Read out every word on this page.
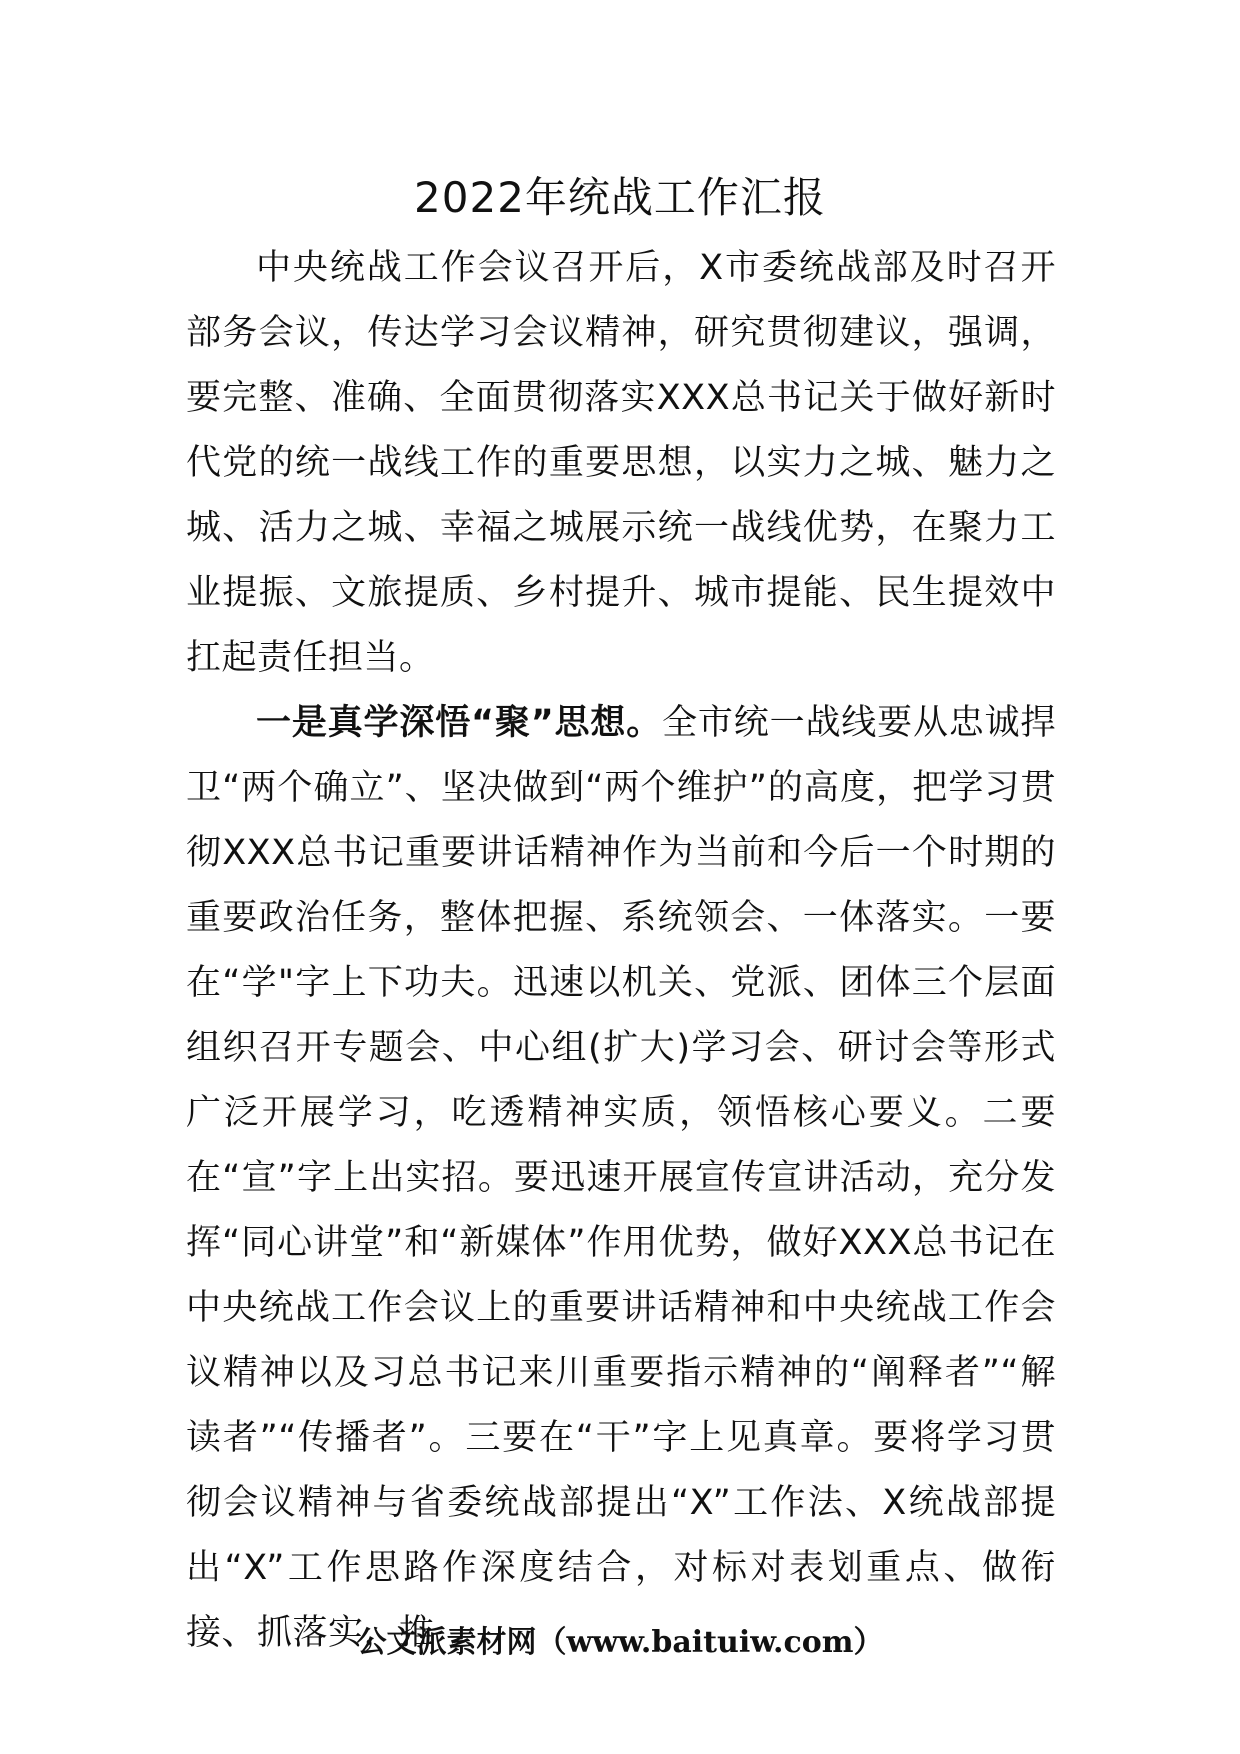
2022年统战工作汇报

中央统战工作会议召开后，X市委统战部及时召开部务会议，传达学习会议精神，研究贯彻建议，强调，要完整、准确、全面贯彻落实XXX总书记关于做好新时代党的统一战线工作的重要思想，以实力之城、魅力之城、活力之城、幸福之城展示统一战线优势，在聚力工业提振、文旅提质、乡村提升、城市提能、民生提效中扛起责任担当。

一是真学深悟“聚”思想。全市统一战线要从忠诚捍卫“两个确立”、坚决做到“两个维护”的高度，把学习贯彻XXX总书记重要讲话精神作为当前和今后一个时期的重要政治任务，整体把握、系统领会、一体落实。一要在“学"字上下功夫。迅速以机关、党派、团体三个层面组织召开专题会、中心组(扩大)学习会、研讨会等形式广泛开展学习，吃透精神实质，领悟核心要义。二要在“宣”字上出实招。要迅速开展宣传宣讲活动，充分发挥“同心讲堂”和“新媒体”作用优势，做好XXX总书记在中央统战工作会议上的重要讲话精神和中央统战工作会议精神以及习总书记来川重要指示精神的“阐释者”“解读者”“传播者”。三要在“干”字上见真章。要将学习贯彻会议精神与省委统战部提出“X”工作法、X统战部提出“X”工作思路作深度结合，对标对表划重点、做衔接、抓落实，推

公文派素材网（www.baituiw.com）
